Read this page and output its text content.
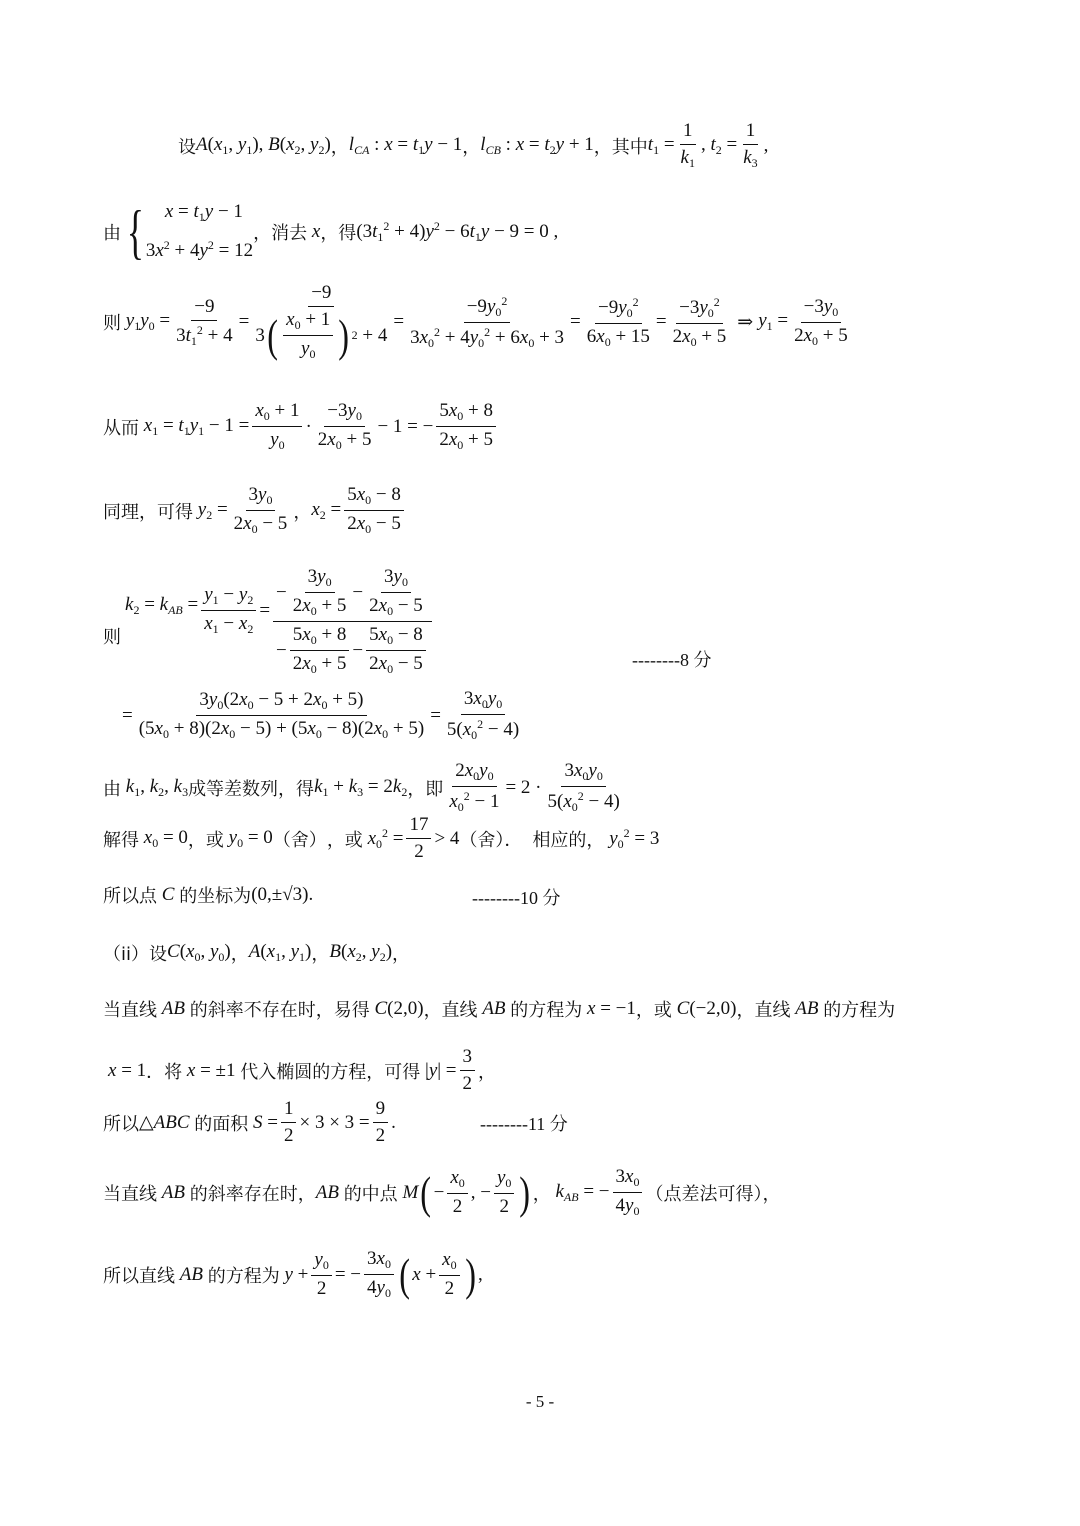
设 $A(x_1$, $y_1$), $B(x_2$, $y_2$) ， $l_{CA}$ : $x = t_1y - 1$ ， $l_{CB}$ : $x = t_2y + 1$ ，其中 $t_1 = \frac{1}{k_1}$ , $t_2 = \frac{1}{k_3}$ ,
由 {	$x = t_1y - 1$
$3x^2 + 4y^2 = 12$
，消去 x ，得 $(3t_1^2 + 4)y^2 - 6t_1y - 9 = 0$ ,
则 $y_1y_0 = \frac{-9}{3t_1^2 + 4} = \frac{-9}{3 ( \frac{x_0 + 1}{y_0} ) 2 + 4} = \frac{-9y_0^2}{3x_0^2 + 4y_0^2 + 6x_0 + 3} = \frac{-9y_0^2}{6x_0 + 15} = \frac{-3y_0^2}{2x_0 + 5}$ ⇒ $y_1 = \frac{-3y_0}{2x_0 + 5}$
从而 $x_1 = t_1y_1 - 1 = \frac{x_0 + 1}{y_0} \cdot \frac{-3y_0}{2x_0 + 5} - 1$ = − $\frac{5x_0 + 8}{2x_0 + 5}$
同理，可得 $y_2 = \frac{3y_0}{2x_0 - 5}$ ， $x_2 = \frac{5x_0 - 8}{2x_0 - 5}$
$k_2 = k_{AB}$ =
则
$\frac{y_1 - y_2}{x_1 - x_2} = \frac{- \frac{3y_0}{2x_0 + 5} - \frac{3y_0}{2x_0 - 5}}{- \frac{5x_0 + 8}{2x_0 + 5} - \frac{5x_0 - 8}{2x_0 - 5}}$	--------8 分
= $\frac{3y_0(2x_0 - 5 + 2x_0 + 5)}{(5x_0 + 8)(2x_0 - 5) + (5x_0 - 8)(2x_0 + 5)} = \frac{3x_0y_0}{5(x_0^2 - 4)}$
由 $k_1$, $k_2$, $k_3$ 成等差数列，得 $k_1 + k_3 = 2k_2$ ，即 $\frac{2x_0y_0}{x_0^2 - 1} = 2 \cdot \frac{3x_0y_0}{5(x_0^2 - 4)}$
解得 $x_0 = 0$ ，或 $y_0 = 0$ （舍） ，或 $x_0^2 = \frac{17}{2} > 4$ （舍）． 相应的， $y_0^2 = 3$
所以点 C 的坐标为 (0,±√3).	--------10 分
（ii）设 $C(x_0$, $y_0$) ， $A(x_1$, $y_1$) ， $B(x_2$, $y_2$) ，
当直线 AB 的斜率不存在时，易得 C(2,0) ，直线 AB 的方程为 x = −1 ，或 C(−2,0) ，直线 AB 的方程为
x = 1 ．将 x = ±1 代入椭圆的方程，可得 $|y| = \frac{3}{2}$ ，
所以 △ABC 的面积 $S = \frac{1}{2} \times 3 \times 3 = \frac{9}{2}$ .	--------11 分
当直线 AB 的斜率存在时， AB 的中点 M ( − $\frac{x_0}{2}$ , − $\frac{y_0}{2}$ ) ， $k_{AB}$ = − $\frac{3x_0}{4y_0}$ （点差法可得），
所以直线 AB 的方程为 $y + \frac{y_0}{2}$ = − $\frac{3x_0}{4y_0}$ ( $x + \frac{x_0}{2}$ ) ,
- 5 -
